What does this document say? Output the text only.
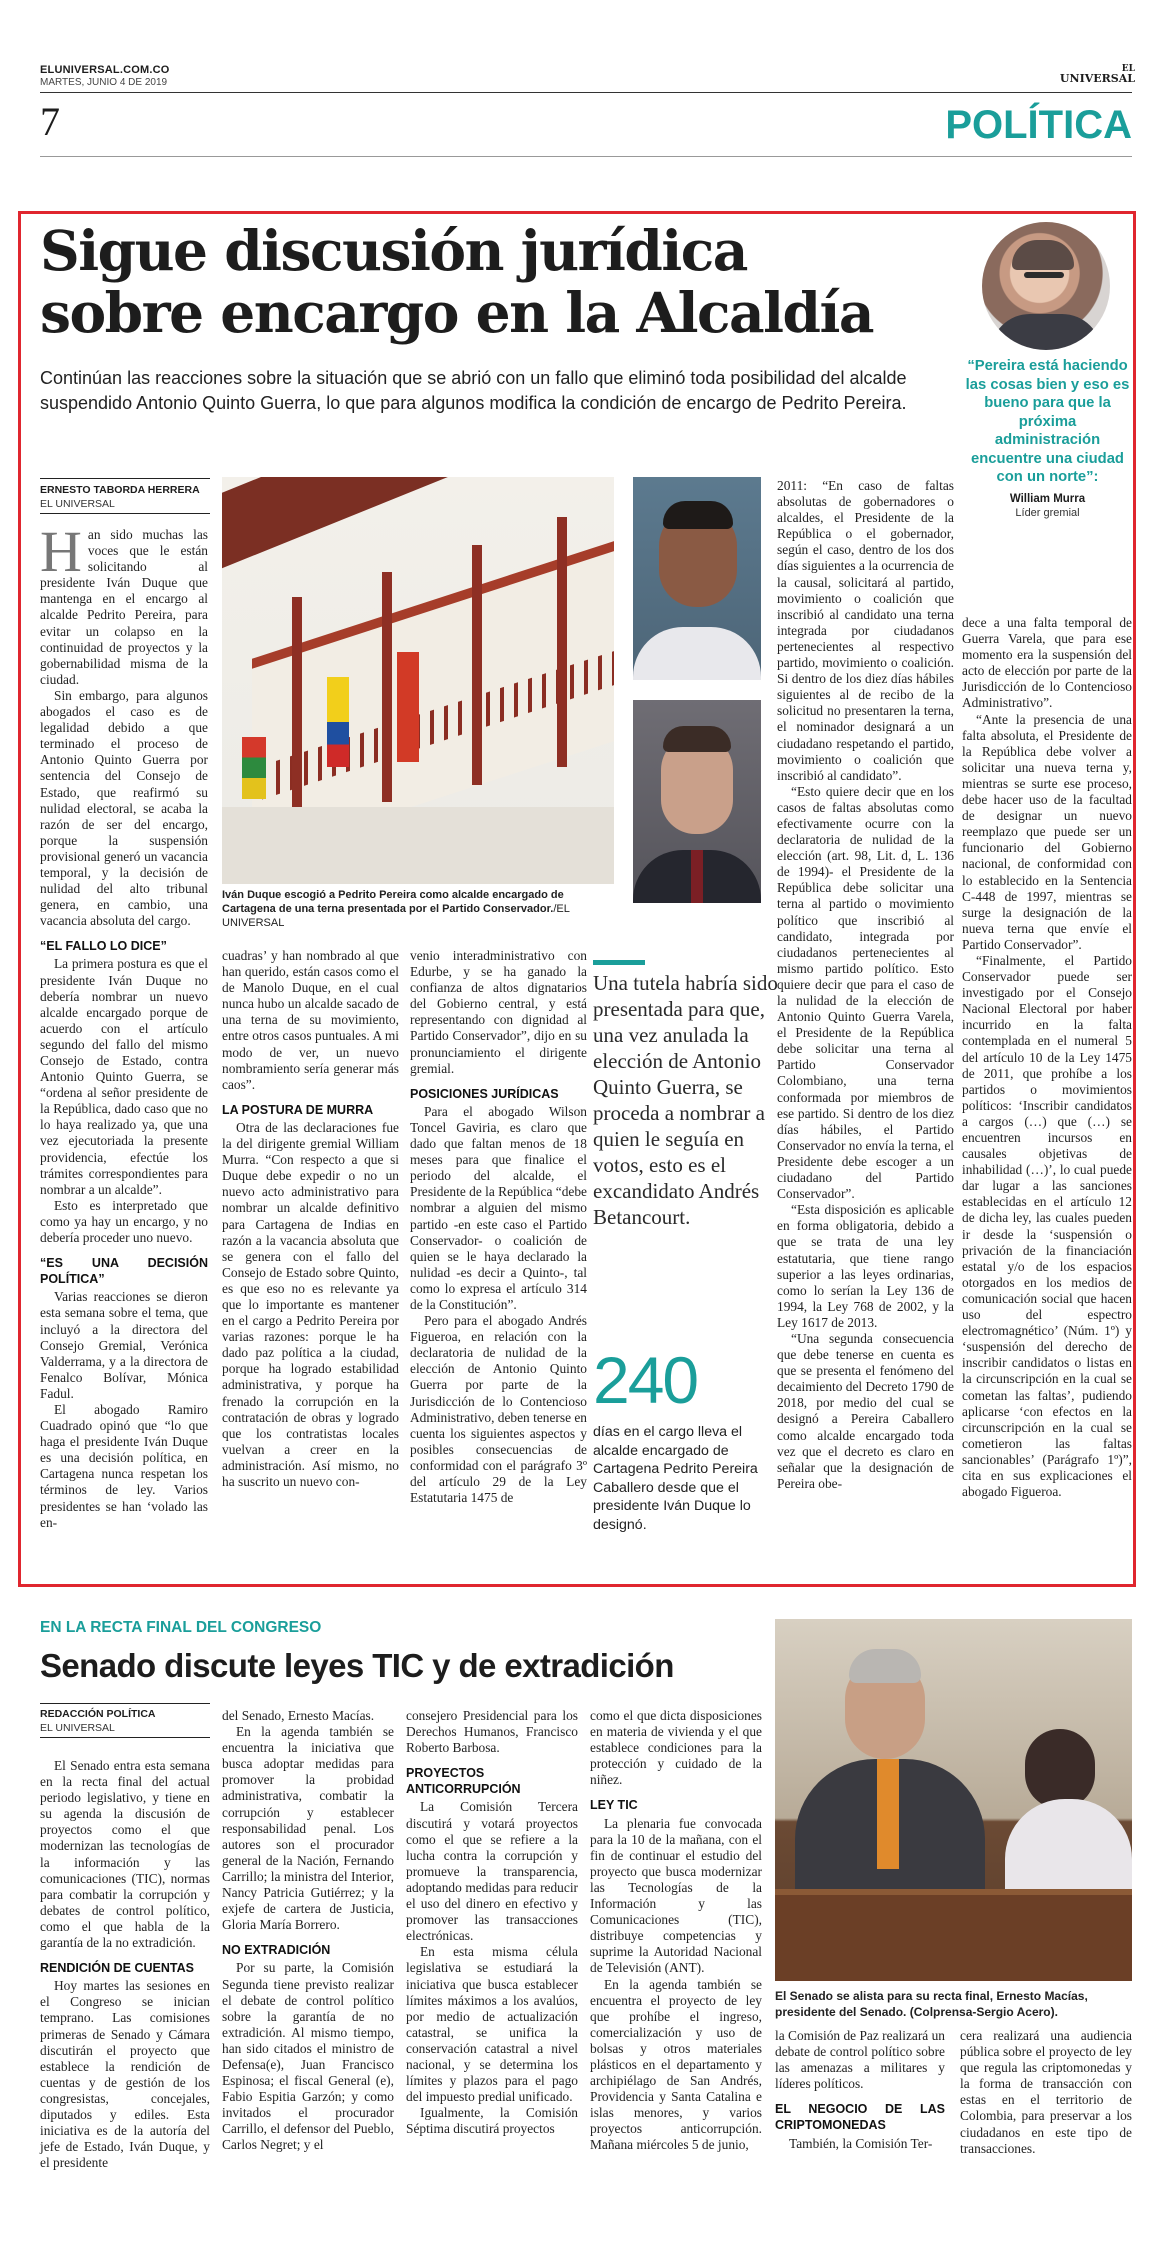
ELUNIVERSAL.COM.CO
MARTES, JUNIO 4 DE 2019
EL
UNIVERSAL
7	POLÍTICA
Sigue discusión jurídica
sobre encargo en la Alcaldía
Continúan las reacciones sobre la situación que se abrió con un fallo que eliminó toda posibilidad del alcalde suspendido Antonio Quinto Guerra, lo que para algunos modifica la condición de encargo de Pedrito Pereira.
“Pereira está haciendo las cosas bien y eso es bueno para que la próxima administración encuentre una ciudad con un norte”:
William Murra
Líder gremial
ERNESTO TABORDA HERRERA
EL UNIVERSAL
Iván Duque escogió a Pedrito Pereira como alcalde encargado de Cartagena de una terna presentada por el Partido Conservador./EL UNIVERSAL
Han sido muchas las voces que le están solicitando al presidente Iván Duque que mantenga en el encargo al alcalde Pedrito Pereira, para evitar un colapso en la continuidad de proyectos y la gobernabilidad misma de la ciudad.

Sin embargo, para algunos abogados el caso es de legalidad debido a que terminado el proceso de Antonio Quinto Guerra por sentencia del Consejo de Estado, que reafirmó su nulidad electoral, se acaba la razón de ser del encargo, porque la suspensión provisional generó un vacancia temporal, y la decisión de nulidad del alto tribunal genera, en cambio, una vacancia absoluta del cargo.

“EL FALLO LO DICE”

La primera postura es que el presidente Iván Duque no debería nombrar un nuevo alcalde encargado porque de acuerdo con el artículo segundo del fallo del mismo Consejo de Estado, contra Antonio Quinto Guerra, se “ordena al señor presidente de la República, dado caso que no lo haya realizado ya, que una vez ejecutoriada la presente providencia, efectúe los trámites correspondientes para nombrar a un alcalde”.

Esto es interpretado que como ya hay un encargo, y no debería proceder uno nuevo.

“ES UNA DECISIÓN POLÍTICA”

Varias reacciones se dieron esta semana sobre el tema, que incluyó a la directora del Consejo Gremial, Verónica Valderrama, y a la directora de Fenalco Bolívar, Mónica Fadul.

El abogado Ramiro Cuadrado opinó que “lo que haga el presidente Iván Duque es una decisión política, en Cartagena nunca respetan los términos de ley. Varios presidentes se han ‘volado las en-

cuadras’ y han nombrado al que han querido, están casos como el de Manolo Duque, en el cual nunca hubo un alcalde sacado de una terna de su movimiento, entre otros casos puntuales. A mi modo de ver, un nuevo nombramiento sería generar más caos”.

LA POSTURA DE MURRA

Otra de las declaraciones fue la del dirigente gremial William Murra. “Con respecto a que si Duque debe expedir o no un nuevo acto administrativo para nombrar un alcalde definitivo para Cartagena de Indias en razón a la vacancia absoluta que se genera con el fallo del Consejo de Estado sobre Quinto, es que eso no es relevante ya que lo importante es mantener en el cargo a Pedrito Pereira por varias razones: porque le ha dado paz política a la ciudad, porque ha logrado estabilidad administrativa, y porque ha frenado la corrupción en la contratación de obras y logrado que los contratistas locales vuelvan a creer en la administración. Así mismo, no ha suscrito un nuevo con-

venio interadministrativo con Edurbe, y se ha ganado la confianza de altos dignatarios del Gobierno central, y está representando con dignidad al Partido Conservador”, dijo en su pronunciamiento el dirigente gremial.

POSICIONES JURÍDICAS

Para el abogado Wilson Toncel Gaviria, es claro que dado que faltan menos de 18 meses para que finalice el periodo del alcalde, el Presidente de la República “debe nombrar a alguien del mismo partido -en este caso el Partido Conservador- o coalición de quien se le haya declarado la nulidad -es decir a Quinto-, tal como lo expresa el artículo 314 de la Constitución”.

Pero para el abogado Andrés Figueroa, en relación con la declaratoria de nulidad de la elección de Antonio Quinto Guerra por parte de la Jurisdicción de lo Contencioso Administrativo, deben tenerse en cuenta los siguientes aspectos y posibles consecuencias de conformidad con el parágrafo 3º del artículo 29 de la Ley Estatutaria 1475 de

Una tutela habría sido presentada para que, una vez anulada la elección de Antonio Quinto Guerra, se proceda a nombrar a quien le seguía en votos, esto es el excandidato Andrés Betancourt.
240
días en el cargo lleva el alcalde encargado de Cartagena Pedrito Pereira Caballero desde que el presidente Iván Duque lo designó.

2011: “En caso de faltas absolutas de gobernadores o alcaldes, el Presidente de la República o el gobernador, según el caso, dentro de los dos días siguientes a la ocurrencia de la causal, solicitará al partido, movimiento o coalición que inscribió al candidato una terna integrada por ciudadanos pertenecientes al respectivo partido, movimiento o coalición. Si dentro de los diez días hábiles siguientes al de recibo de la solicitud no presentaren la terna, el nominador designará a un ciudadano respetando el partido, movimiento o coalición que inscribió al candidato”.

“Esto quiere decir que en los casos de faltas absolutas como efectivamente ocurre con la declaratoria de nulidad de la elección (art. 98, Lit. d, L. 136 de 1994)- el Presidente de la República debe solicitar una terna al partido o movimiento político que inscribió al candidato, integrada por ciudadanos pertenecientes al mismo partido político. Esto quiere decir que para el caso de la nulidad de la elección de Antonio Quinto Guerra Varela, el Presidente de la República debe solicitar una terna al Partido Conservador Colombiano, una terna conformada por miembros de ese partido. Si dentro de los diez días hábiles, el Partido Conservador no envía la terna, el Presidente debe escoger a un ciudadano del Partido Conservador”.

“Esta disposición es aplicable en forma obligatoria, debido a que se trata de una ley estatutaria, que tiene rango superior a las leyes ordinarias, como lo serían la Ley 136 de 1994, la Ley 768 de 2002, y la Ley 1617 de 2013.

“Una segunda consecuencia que debe tenerse en cuenta es que se presenta el fenómeno del decaimiento del Decreto 1790 de 2018, por medio del cual se designó a Pereira Caballero como alcalde encargado toda vez que el decreto es claro en señalar que la designación de Pereira obe-

dece a una falta temporal de Guerra Varela, que para ese momento era la suspensión del acto de elección por parte de la Jurisdicción de lo Contencioso Administrativo”.

“Ante la presencia de una falta absoluta, el Presidente de la República debe volver a solicitar una nueva terna y, mientras se surte ese proceso, debe hacer uso de la facultad de designar un nuevo reemplazo que puede ser un funcionario del Gobierno nacional, de conformidad con lo establecido en la Sentencia C-448 de 1997, mientras se surge la designación de la nueva terna que envíe el Partido Conservador”.

“Finalmente, el Partido Conservador puede ser investigado por el Consejo Nacional Electoral por haber incurrido en la falta contemplada en el numeral 5 del artículo 10 de la Ley 1475 de 2011, que prohíbe a los partidos o movimientos políticos: ‘Inscribir candidatos a cargos (…) que (…) se encuentren incursos en causales objetivas de inhabilidad (…)’, lo cual puede dar lugar a las sanciones establecidas en el artículo 12 de dicha ley, las cuales pueden ir desde la ‘suspensión o privación de la financiación estatal y/o de los espacios otorgados en los medios de comunicación social que hacen uso del espectro electromagnético’ (Núm. 1º) y ‘suspensión del derecho de inscribir candidatos o listas en la circunscripción en la cual se cometan las faltas’, pudiendo aplicarse ‘con efectos en la circunscripción en la cual se cometieron las faltas sancionables’ (Parágrafo 1º)”, cita en sus explicaciones el abogado Figueroa.

EN LA RECTA FINAL DEL CONGRESO
Senado discute leyes TIC y de extradición
REDACCIÓN POLÍTICA
EL UNIVERSAL
El Senado se alista para su recta final, Ernesto Macías, presidente del Senado. (Colprensa-Sergio Acero).

El Senado entra esta semana en la recta final del actual periodo legislativo, y tiene en su agenda la discusión de proyectos como el que modernizan las tecnologías de la información y las comunicaciones (TIC), normas para combatir la corrupción y debates de control político, como el que habla de la garantía de la no extradición.

RENDICIÓN DE CUENTAS

Hoy martes las sesiones en el Congreso se inician temprano. Las comisiones primeras de Senado y Cámara discutirán el proyecto que establece la rendición de cuentas y de gestión de los congresistas, concejales, diputados y ediles. Esta iniciativa es de la autoría del jefe de Estado, Iván Duque, y el presidente

del Senado, Ernesto Macías.

En la agenda también se encuentra la iniciativa que busca adoptar medidas para promover la probidad administrativa, combatir la corrupción y establecer responsabilidad penal. Los autores son el procurador general de la Nación, Fernando Carrillo; la ministra del Interior, Nancy Patricia Gutiérrez; y la exjefe de cartera de Justicia, Gloria María Borrero.

NO EXTRADICIÓN

Por su parte, la Comisión Segunda tiene previsto realizar el debate de control político sobre la garantía de no extradición. Al mismo tiempo, han sido citados el ministro de Defensa(e), Juan Francisco Espinosa; el fiscal General (e), Fabio Espitia Garzón; y como invitados el procurador Carrillo, el defensor del Pueblo, Carlos Negret; y el

consejero Presidencial para los Derechos Humanos, Francisco Roberto Barbosa.

PROYECTOS ANTICORRUPCIÓN

La Comisión Tercera discutirá y votará proyectos como el que se refiere a la lucha contra la corrupción y promueve la transparencia, adoptando medidas para reducir el uso del dinero en efectivo y promover las transacciones electrónicas.

En esta misma célula legislativa se estudiará la iniciativa que busca establecer límites máximos a los avalúos, por medio de actualización catastral, se unifica la conservación catastral a nivel nacional, y se determina los límites y plazos para el pago del impuesto predial unificado.

Igualmente, la Comisión Séptima discutirá proyectos

como el que dicta disposiciones en materia de vivienda y el que establece condiciones para la protección y cuidado de la niñez.

LEY TIC

La plenaria fue convocada para la 10 de la mañana, con el fin de continuar el estudio del proyecto que busca modernizar las Tecnologías de la Información y las Comunicaciones (TIC), distribuye competencias y suprime la Autoridad Nacional de Televisión (ANT).

En la agenda también se encuentra el proyecto de ley que prohíbe el ingreso, comercialización y uso de bolsas y otros materiales plásticos en el departamento y archipiélago de San Andrés, Providencia y Santa Catalina e islas menores, y varios proyectos anticorrupción. Mañana miércoles 5 de junio,

la Comisión de Paz realizará un debate de control político sobre las amenazas a militares y líderes políticos.

EL NEGOCIO DE LAS CRIPTOMONEDAS

También, la Comisión Ter-

cera realizará una audiencia pública sobre el proyecto de ley que regula las criptomonedas y la forma de transacción con estas en el territorio de Colombia, para preservar a los ciudadanos en este tipo de transacciones.
